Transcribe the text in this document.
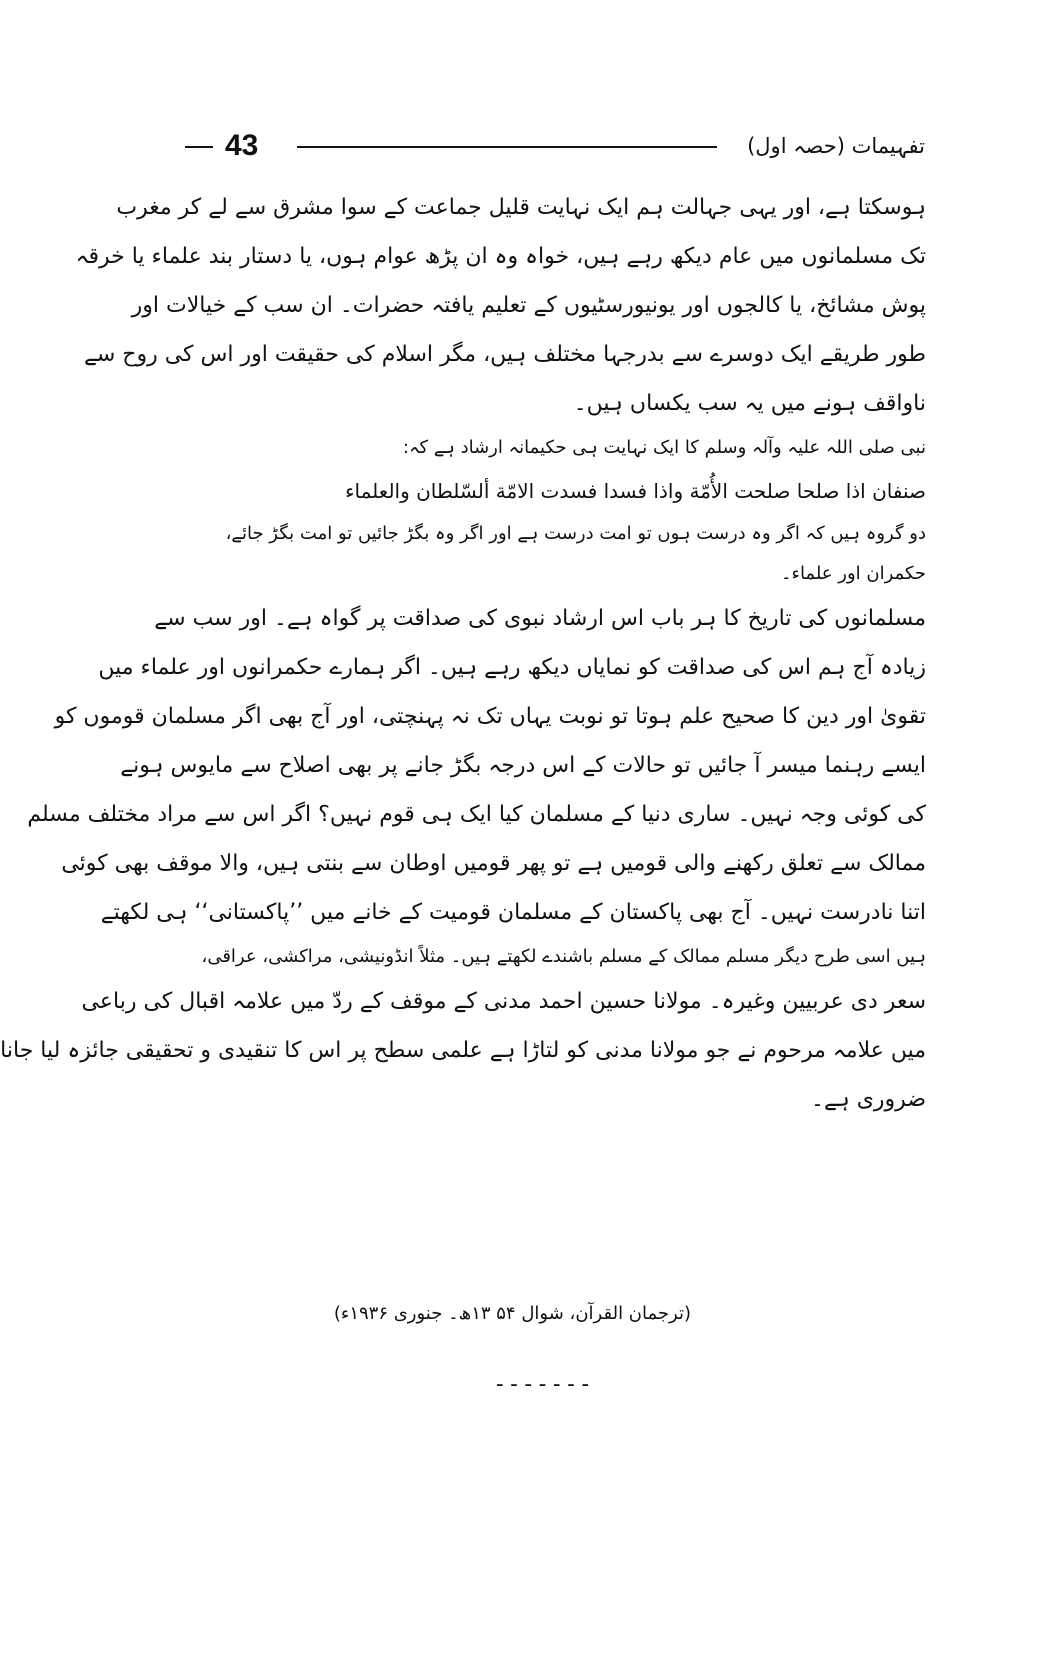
43	تفہیمات (حصہ اول)
ہوسکتا ہے، اور یہی جہالت ہم ایک نہایت قلیل جماعت کے سوا مشرق سے لے کر مغرب
تک مسلمانوں میں عام دیکھ رہے ہیں، خواہ وہ ان پڑھ عوام ہوں، یا دستار بند علماء یا خرقہ
پوش مشائخ، یا کالجوں اور یونیورسٹیوں کے تعلیم یافتہ حضرات۔ ان سب کے خیالات اور
طور طریقے ایک دوسرے سے بدرجہا مختلف ہیں، مگر اسلام کی حقیقت اور اس کی روح سے
ناواقف ہونے میں یہ سب یکساں ہیں۔
نبی صلی اللہ علیہ وآلہ وسلم کا ایک نہایت ہی حکیمانہ ارشاد ہے کہ:
صنفان اذا صلحا صلحت الأُمّة واذا فسدا فسدت الامّة ألسّلطان والعلماء
دو گروہ ہیں کہ اگر وہ درست ہوں تو امت درست ہے اور اگر وہ بگڑ جائیں تو امت بگڑ جائے،
حکمران اور علماء۔
مسلمانوں کی تاریخ کا ہر باب اس ارشاد نبوی کی صداقت پر گواہ ہے۔ اور سب سے
زیادہ آج ہم اس کی صداقت کو نمایاں دیکھ رہے ہیں۔ اگر ہمارے حکمرانوں اور علماء میں
تقویٰ اور دین کا صحیح علم ہوتا تو نوبت یہاں تک نہ پہنچتی، اور آج بھی اگر مسلمان قوموں کو
ایسے رہنما میسر آ جائیں تو حالات کے اس درجہ بگڑ جانے پر بھی اصلاح سے مایوس ہونے
کی کوئی وجہ نہیں۔ ساری دنیا کے مسلمان کیا ایک ہی قوم نہیں؟ اگر اس سے مراد مختلف مسلم
ممالک سے تعلق رکھنے والی قومیں ہے تو پھر قومیں اوطان سے بنتی ہیں، والا موقف بھی کوئی
اتنا نادرست نہیں۔ آج بھی پاکستان کے مسلمان قومیت کے خانے میں ’’پاکستانی‘‘ ہی لکھتے
ہیں اسی طرح دیگر مسلم ممالک کے مسلم باشندے لکھتے ہیں۔ مثلاً انڈونیشی، مراکشی، عراقی،
سعر دی عربیین وغیرہ۔ مولانا حسین احمد مدنی کے موقف کے ردّ میں علامہ اقبال کی رباعی
میں علامہ مرحوم نے جو مولانا مدنی کو لتاڑا ہے علمی سطح پر اس کا تنقیدی و تحقیقی جائزہ لیا جانا
ضروری ہے۔
(ترجمان القرآن، شوال ۵۴ ۱۳ھ۔ جنوری ۱۹۳۶ء)
-------
